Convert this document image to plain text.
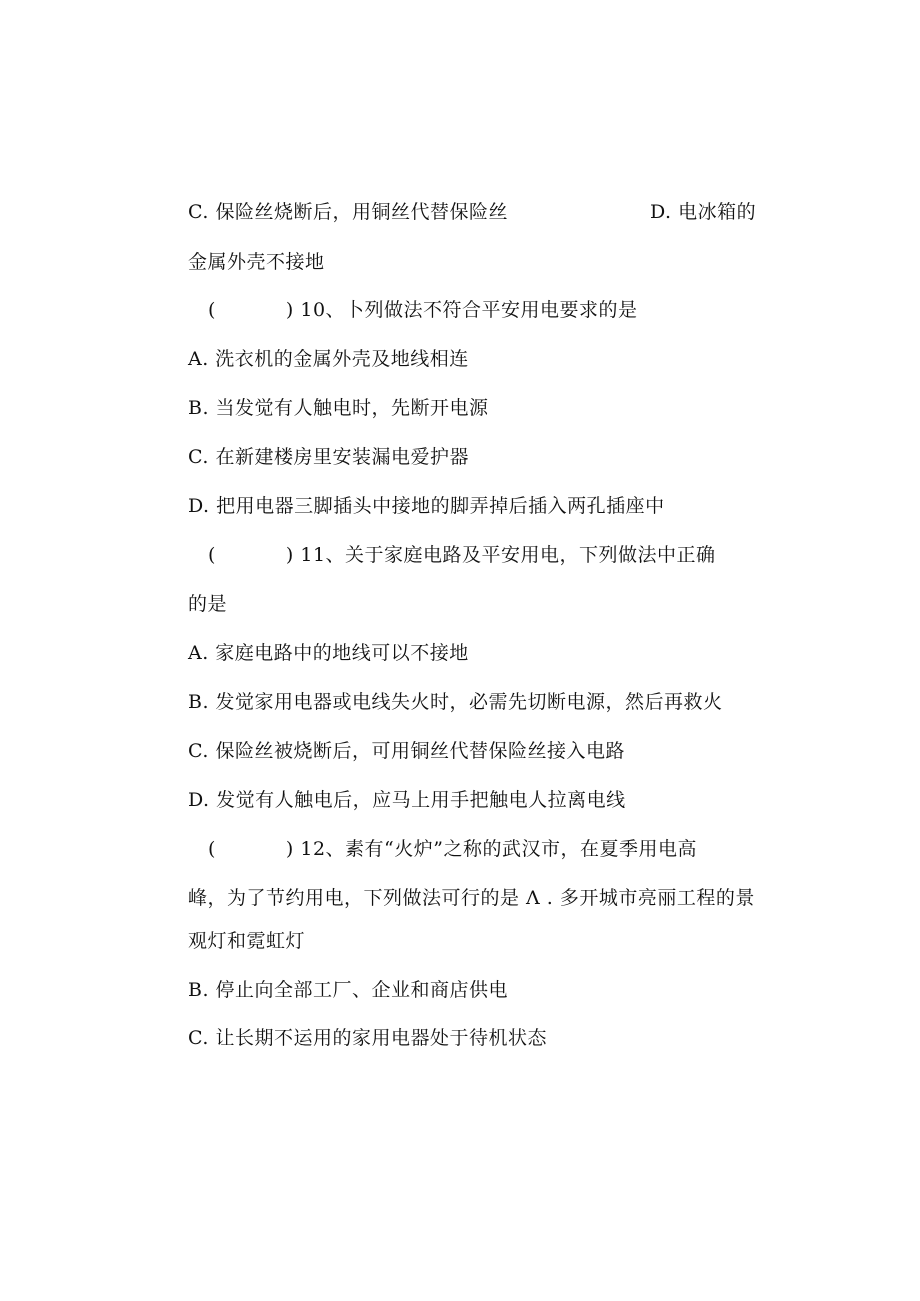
C. 保险丝烧断后，用铜丝代替保险丝	D. 电冰箱的
金属外壳不接地
(	) 10、卜列做法不符合平安用电要求的是
A. 洗衣机的金属外壳及地线相连
B. 当发觉有人触电时，先断开电源
C. 在新建楼房里安装漏电爱护器
D. 把用电器三脚插头中接地的脚弄掉后插入两孔插座中
(	) 11、关于家庭电路及平安用电，下列做法中正确
的是
A. 家庭电路中的地线可以不接地
B. 发觉家用电器或电线失火时，必需先切断电源，然后再救火
C. 保险丝被烧断后，可用铜丝代替保险丝接入电路
D. 发觉有人触电后，应马上用手把触电人拉离电线
(	) 12、素有“火炉”之称的武汉市，在夏季用电高
峰，为了节约用电，下列做法可行的是 Λ . 多开城市亮丽工程的景
观灯和霓虹灯
B. 停止向全部工厂、企业和商店供电
C. 让长期不运用的家用电器处于待机状态
